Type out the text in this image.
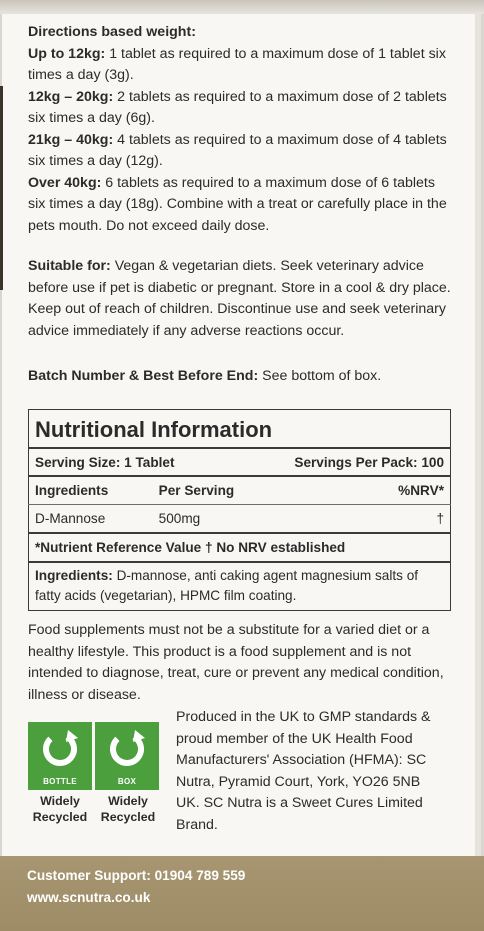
Directions based weight:

Up to 12kg: 1 tablet as required to a maximum dose of 1 tablet six times a day (3g).

12kg – 20kg: 2 tablets as required to a maximum dose of 2 tablets six times a day (6g).

21kg – 40kg: 4 tablets as required to a maximum dose of 4 tablets six times a day (12g).

Over 40kg: 6 tablets as required to a maximum dose of 6 tablets six times a day (18g). Combine with a treat or carefully place in the pets mouth. Do not exceed daily dose.

Suitable for: Vegan & vegetarian diets. Seek veterinary advice before use if pet is diabetic or pregnant. Store in a cool & dry place. Keep out of reach of children. Discontinue use and seek veterinary advice immediately if any adverse reactions occur.

Batch Number & Best Before End: See bottom of box.

Nutritional Information		
Serving Size: 1 Tablet		Servings Per Pack: 100
Ingredients	Per Serving	%NRV*
D-Mannose	500mg	†
*Nutrient Reference Value † No NRV established		
Ingredients: D-mannose, anti caking agent magnesium salts of fatty acids (vegetarian), HPMC film coating.		

Food supplements must not be a substitute for a varied diet or a healthy lifestyle. This product is a food supplement and is not intended to diagnose, treat, cure or prevent any medical condition, illness or disease.

BOTTLE	BOX
Widely
Recycled
Widely
Recycled
Produced in the UK to GMP standards & proud member of the UK Health Food Manufacturers' Association (HFMA): SC Nutra, Pyramid Court, York, YO26 5NB UK. SC Nutra is a Sweet Cures Limited Brand.
Customer Support: 01904 789 559
www.scnutra.co.uk
